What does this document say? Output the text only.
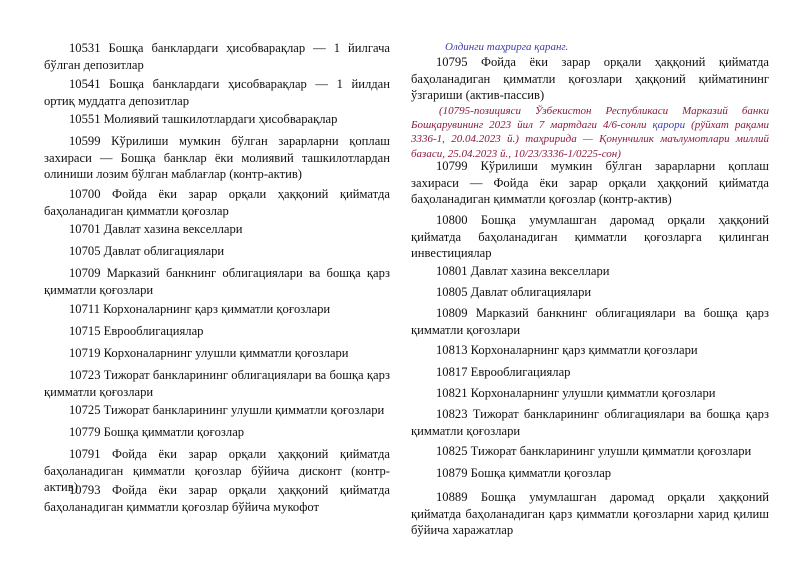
10531 Бошқа банклардаги ҳисобварақлар — 1 йилгача бўлган депозитлар

10541 Бошқа банклардаги ҳисобварақлар — 1 йилдан ортиқ муддатга депозитлар

10551 Молиявий ташкилотлардаги ҳисобварақлар

10599 Кўрилиши мумкин бўлган зарарларни қоплаш захираси — Бошқа банклар ёки молиявий ташкилотлардан олиниши лозим бўлган маблағлар (контр-актив)

10700 Фойда ёки зарар орқали ҳаққоний қийматда баҳоланадиган қимматли қоғозлар

10701 Давлат хазина векселлари

10705 Давлат облигациялари

10709 Марказий банкнинг облигациялари ва бошқа қарз қимматли қоғозлари

10711 Корхоналарнинг қарз қимматли қоғозлари

10715 Еврооблигациялар

10719 Корхоналарнинг улушли қимматли қоғозлари

10723 Тижорат банкларининг облигациялари ва бошқа қарз қимматли қоғозлари

10725 Тижорат банкларининг улушли қимматли қоғозлари

10779 Бошқа қимматли қоғозлар

10791 Фойда ёки зарар орқали ҳаққоний қийматда баҳоланадиган қимматли қоғозлар бўйича дисконт (контр-актив)

10793 Фойда ёки зарар орқали ҳаққоний қийматда баҳоланадиган қимматли қоғозлар бўйича мукофот

Олдинги таҳрирга қаранг.

10795 Фойда ёки зарар орқали ҳаққоний қийматда баҳоланадиган қимматли қоғозлари ҳаққоний қийматининг ўзгариши (актив-пассив)

(10795-позицияси Ўзбекистон Республикаси Марказий банки Бошқарувининг 2023 йил 7 мартдаги 4/6-сонли қарори (рўйхат рақами 3336-1, 20.04.2023 й.) таҳририда — Қонунчилик маълумотлари миллий базаси, 25.04.2023 й., 10/23/3336-1/0225-сон)

10799 Кўрилиши мумкин бўлган зарарларни қоплаш захираси — Фойда ёки зарар орқали ҳаққоний қийматда баҳоланадиган қимматли қоғозлар (контр-актив)

10800 Бошқа умумлашган даромад орқали ҳаққоний қийматда баҳоланадиган қимматли қоғозларга қилинган инвестициялар

10801 Давлат хазина векселлари

10805 Давлат облигациялари

10809 Марказий банкнинг облигациялари ва бошқа қарз қимматли қоғозлари

10813 Корхоналарнинг қарз қимматли қоғозлари

10817 Еврооблигациялар

10821 Корхоналарнинг улушли қимматли қоғозлари

10823 Тижорат банкларининг облигациялари ва бошқа қарз қимматли қоғозлари

10825 Тижорат банкларининг улушли қимматли қоғозлари

10879 Бошқа қимматли қоғозлар

10889 Бошқа умумлашган даромад орқали ҳаққоний қийматда баҳоланадиган қарз қимматли қоғозларни харид қилиш бўйича харажатлар
